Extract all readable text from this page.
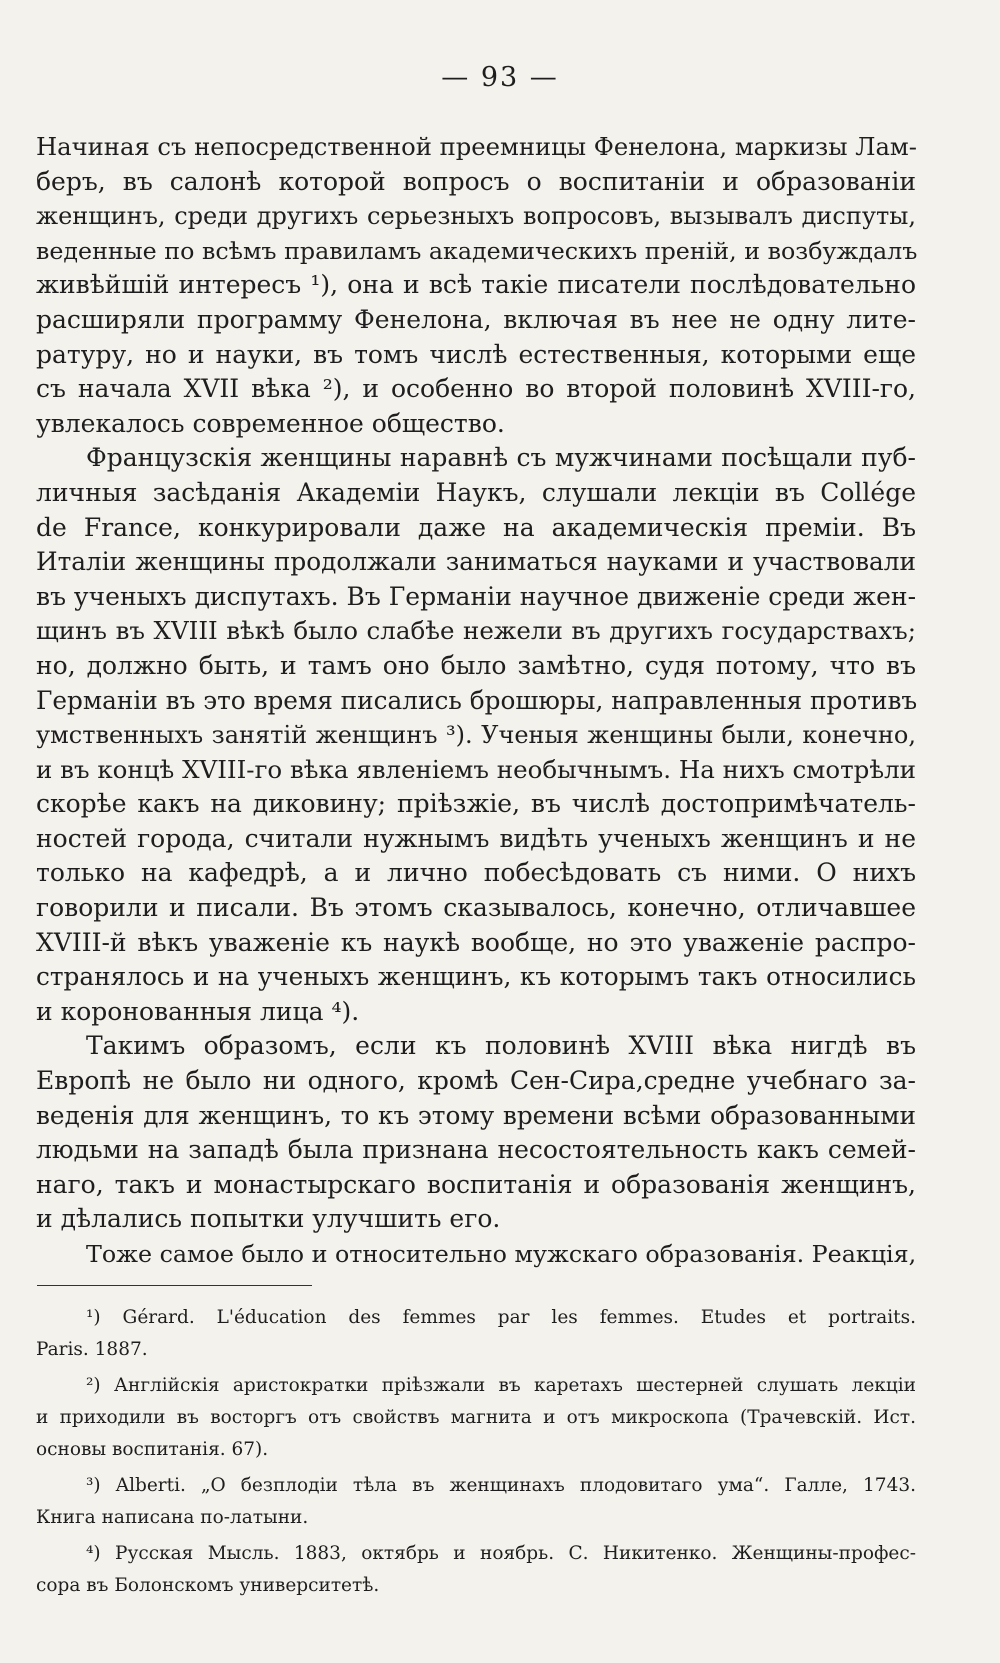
— 93 —
Начиная съ непосредственной преемницы Фенелона, маркизы Лам-
беръ, въ салонѣ которой вопросъ о воспитаніи и образованіи
женщинъ, среди другихъ серьезныхъ вопросовъ, вызывалъ диспуты,
веденные по всѣмъ правиламъ академическихъ преній, и возбуждалъ
живѣйшій интересъ ¹), она и всѣ такіе писатели послѣдовательно
расширяли программу Фенелона, включая въ нее не одну лите-
ратуру, но и науки, въ томъ числѣ естественныя, которыми еще
съ начала XVII вѣка ²), и особенно во второй половинѣ XVIII-го,
увлекалось современное общество.
Французскія женщины наравнѣ съ мужчинами посѣщали пуб-
личныя засѣданія Академіи Наукъ, слушали лекціи въ Collége
de France, конкурировали даже на академическія преміи. Въ
Италіи женщины продолжали заниматься науками и участвовали
въ ученыхъ диспутахъ. Въ Германіи научное движеніе среди жен-
щинъ въ XVIII вѣкѣ было слабѣе нежели въ другихъ государствахъ;
но, должно быть, и тамъ оно было замѣтно, судя потому, что въ
Германіи въ это время писались брошюры, направленныя противъ
умственныхъ занятій женщинъ ³). Ученыя женщины были, конечно,
и въ концѣ XVIII-го вѣка явленіемъ необычнымъ. На нихъ смотрѣли
скорѣе какъ на диковину; пріѣзжіе, въ числѣ достопримѣчатель-
ностей города, считали нужнымъ видѣть ученыхъ женщинъ и не
только на кафедрѣ, а и лично побесѣдовать съ ними. О нихъ
говорили и писали. Въ этомъ сказывалось, конечно, отличавшее
XVIII-й вѣкъ уваженіе къ наукѣ вообще, но это уваженіе распро-
странялось и на ученыхъ женщинъ, къ которымъ такъ относились
и коронованныя лица ⁴).
Такимъ образомъ, если къ половинѣ XVIII вѣка нигдѣ въ
Европѣ не было ни одного, кромѣ Сен-Сира,средне учебнаго за-
веденія для женщинъ, то къ этому времени всѣми образованными
людьми на западѣ была признана несостоятельность какъ семей-
наго, такъ и монастырскаго воспитанія и образованія женщинъ,
и дѣлались попытки улучшить его.
Тоже самое было и относительно мужскаго образованія. Реакція,
¹) Gérard. L'éducation des femmes par les femmes. Etudes et portraits.
Paris. 1887.
²) Англійскія аристократки пріѣзжали въ каретахъ шестерней слушать лекціи
и приходили въ восторгъ отъ свойствъ магнита и отъ микроскопа (Трачевскій. Ист.
основы воспитанія. 67).
³) Alberti. „О безплодіи тѣла въ женщинахъ плодовитаго ума“. Галле, 1743.
Книга написана по-латыни.
⁴) Русская Мысль. 1883, октябрь и ноябрь. С. Никитенко. Женщины-профес-
сора въ Болонскомъ университетѣ.
